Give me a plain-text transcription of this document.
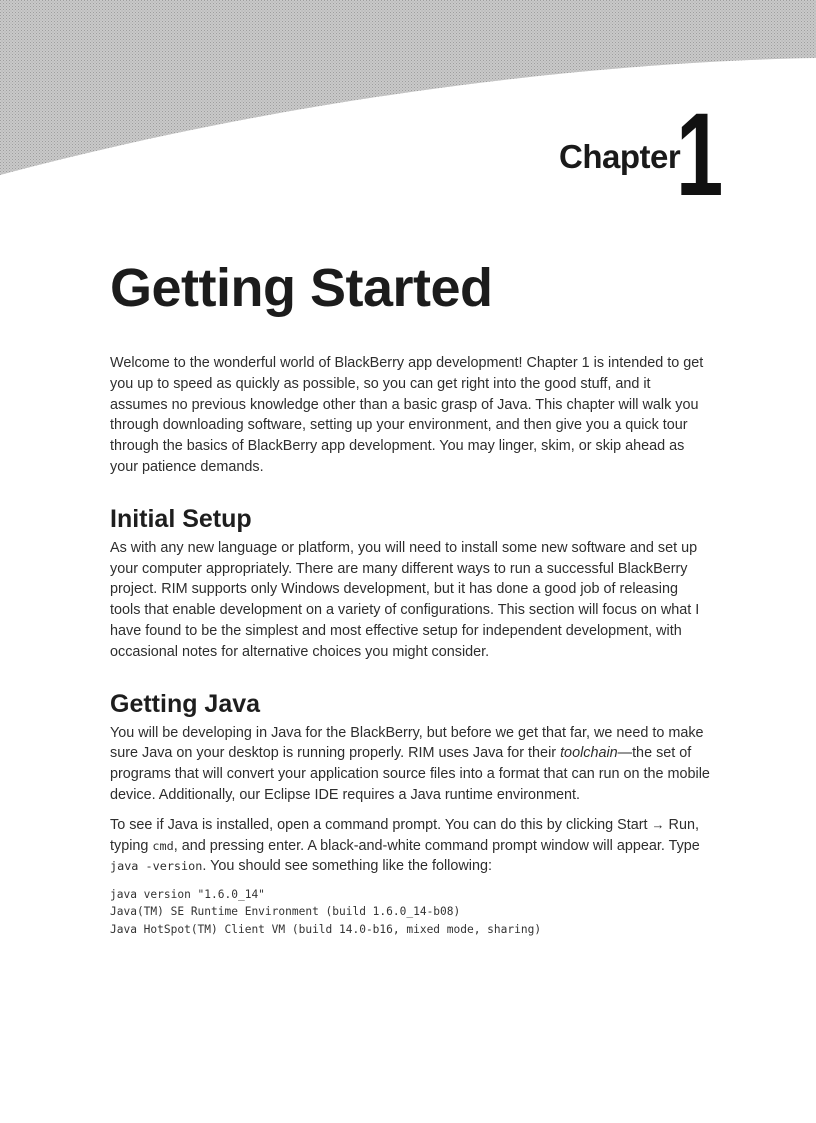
Chapter
1
Getting Started

Welcome to the wonderful world of BlackBerry app development! Chapter 1 is intended to get you up to speed as quickly as possible, so you can get right into the good stuff, and it assumes no previous knowledge other than a basic grasp of Java. This chapter will walk you through downloading software, setting up your environment, and then give you a quick tour through the basics of BlackBerry app development. You may linger, skim, or skip ahead as your patience demands.

Initial Setup

As with any new language or platform, you will need to install some new software and set up your computer appropriately. There are many different ways to run a successful BlackBerry project. RIM supports only Windows development, but it has done a good job of releasing tools that enable development on a variety of configurations. This section will focus on what I have found to be the simplest and most effective setup for independent development, with occasional notes for alternative choices you might consider.

Getting Java

You will be developing in Java for the BlackBerry, but before we get that far, we need to make sure Java on your desktop is running properly. RIM uses Java for their toolchain—the set of programs that will convert your application source files into a format that can run on the mobile device. Additionally, our Eclipse IDE requires a Java runtime environment.

To see if Java is installed, open a command prompt. You can do this by clicking Start → Run, typing cmd, and pressing enter. A black-and-white command prompt window will appear. Type java -version. You should see something like the following:

java version "1.6.0_14"
Java(TM) SE Runtime Environment (build 1.6.0_14-b08)
Java HotSpot(TM) Client VM (build 14.0-b16, mixed mode, sharing)
